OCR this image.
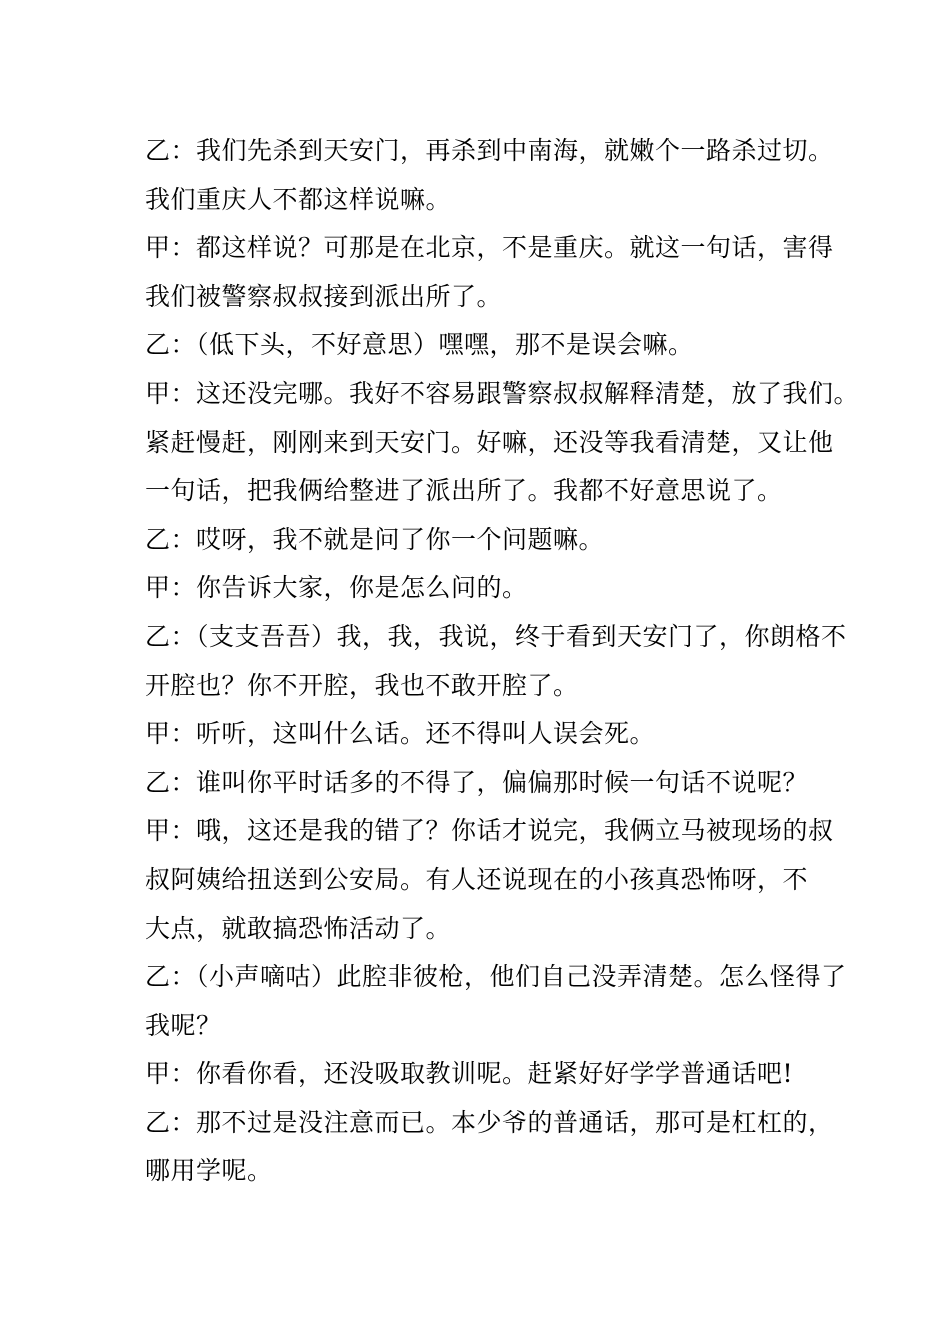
乙：我们先杀到天安门，再杀到中南海，就嫩个一路杀过切。
我们重庆人不都这样说嘛。
甲：都这样说？可那是在北京，不是重庆。就这一句话，害得
我们被警察叔叔接到派出所了。
乙：（低下头，不好意思）嘿嘿，那不是误会嘛。
甲：这还没完哪。我好不容易跟警察叔叔解释清楚，放了我们。
紧赶慢赶，刚刚来到天安门。好嘛，还没等我看清楚，又让他
一句话，把我俩给整进了派出所了。我都不好意思说了。
乙：哎呀，我不就是问了你一个问题嘛。
甲：你告诉大家，你是怎么问的。
乙：（支支吾吾）我，我，我说，终于看到天安门了，你朗格不
开腔也？你不开腔，我也不敢开腔了。
甲：听听，这叫什么话。还不得叫人误会死。
乙：谁叫你平时话多的不得了，偏偏那时候一句话不说呢？
甲：哦，这还是我的错了？你话才说完，我俩立马被现场的叔
叔阿姨给扭送到公安局。有人还说现在的小孩真恐怖呀，不
大点，就敢搞恐怖活动了。
乙：（小声嘀咕）此腔非彼枪，他们自己没弄清楚。怎么怪得了
我呢？
甲：你看你看，还没吸取教训呢。赶紧好好学学普通话吧!
乙：那不过是没注意而已。本少爷的普通话，那可是杠杠的，
哪用学呢。
